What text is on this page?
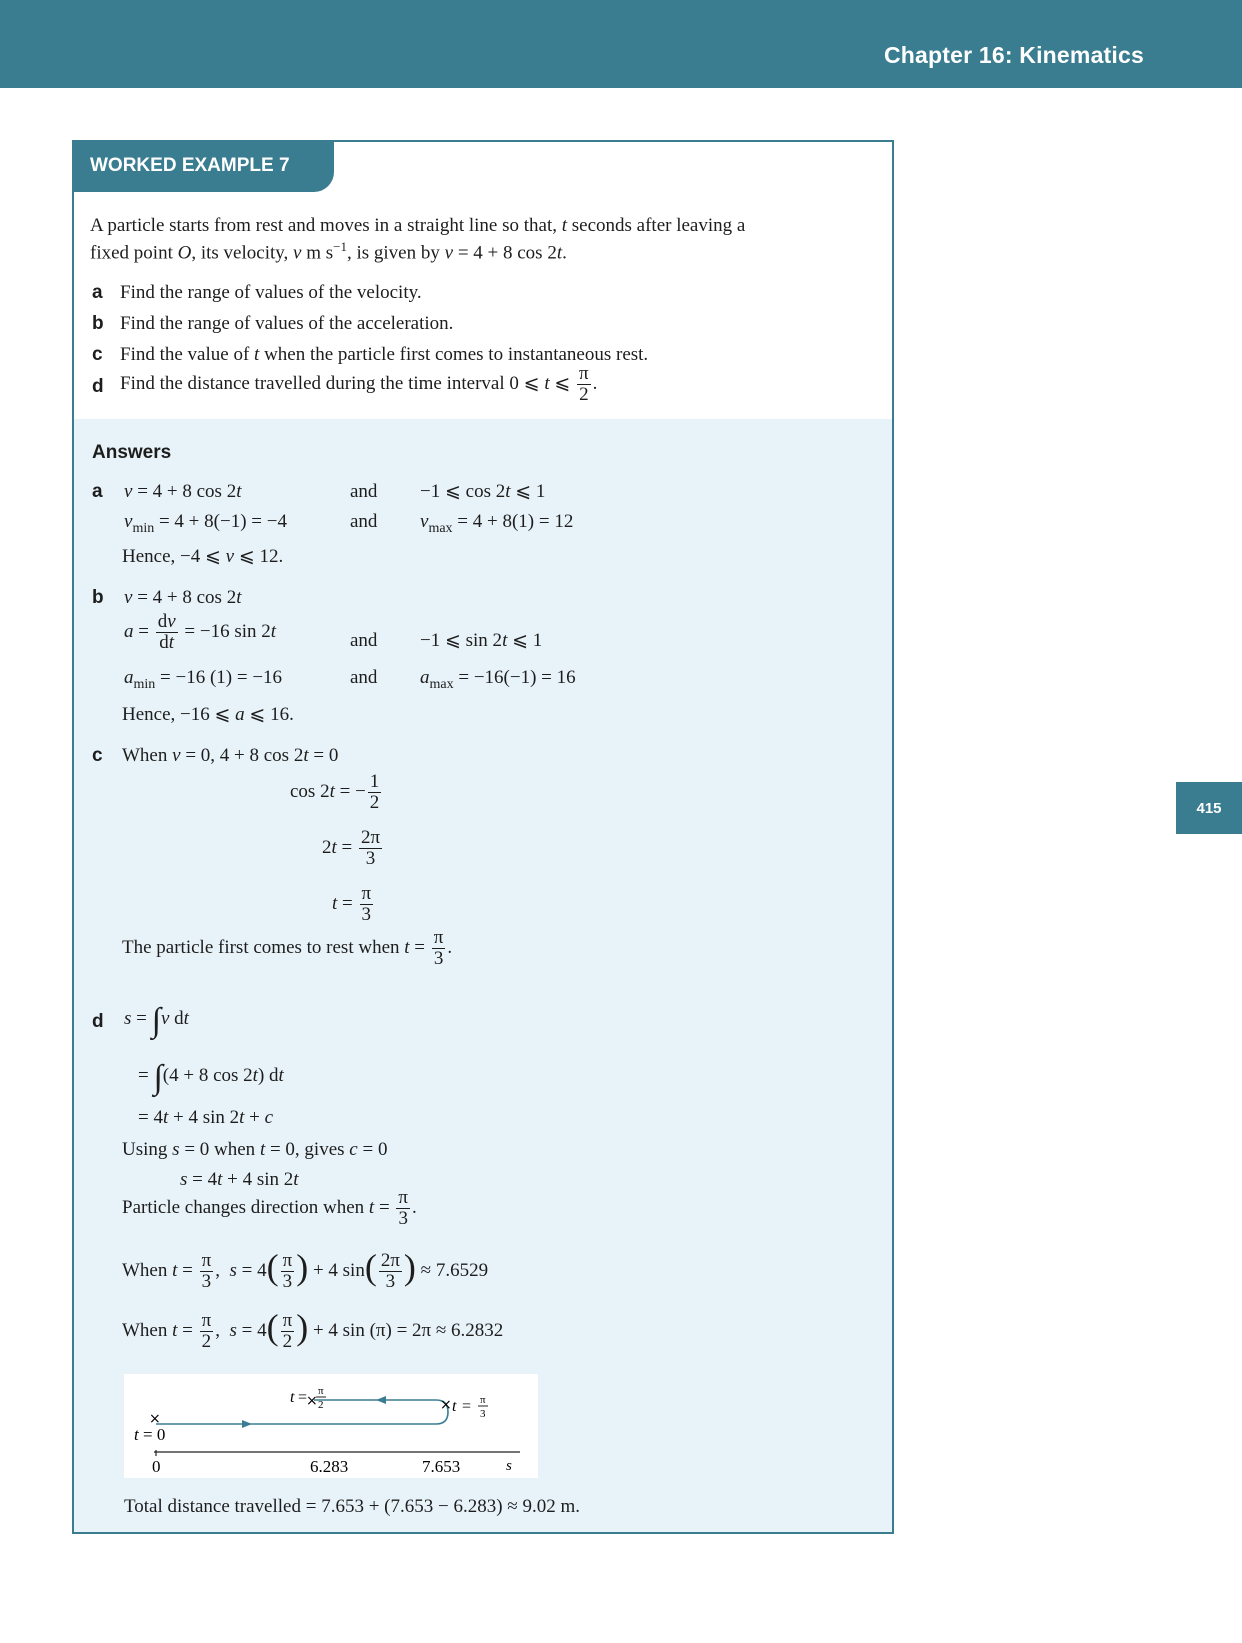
Chapter 16: Kinematics
415
WORKED EXAMPLE 7
A particle starts from rest and moves in a straight line so that, t seconds after leaving a
fixed point O, its velocity, v m $s^{-1}$, is given by v = 4 + 8 cos 2t.
a Find the range of values of the velocity.
b Find the range of values of the acceleration.
c Find the value of t when the particle first comes to instantaneous rest.
d Find the distance travelled during the time interval 0 ⩽ t ⩽ $\frac{\pi}{2}$ .
Answers
a v = 4 + 8 cos 2t	and −1 ⩽ cos 2t ⩽ 1
$v_{min} = 4 + 8(-1) = -4$	and $v_{max} = 4 + 8(1) = 12$
Hence, −4 ⩽ v ⩽ 12.
b v = 4 + 8 cos 2t
$a = \frac{dv}{dt} = -16$ sin 2t	and −1 ⩽ sin 2t ⩽ 1
$a_{min} = -16$ (1) = −16	and $a_{max} = -16(-1) = 16$
Hence, −16 ⩽ a ⩽ 16.
c When v = 0, 4 + 8 cos 2t = 0
cos 2t = − $\frac{1}{2}$
$2t = \frac{2\pi}{3}$
$t = \frac{\pi}{3}$
The particle first comes to rest when $t = \frac{\pi}{3}$ .
d s = ∫v dt
= ∫(4 + 8 cos 2t) dt
= 4t + 4 sin 2t + c
Using s = 0 when t = 0, gives c = 0
s = 4t + 4 sin 2t
Particle changes direction when $t = \frac{\pi}{3}$ .
When $t = \frac{\pi}{3}$ ,  $s = 4( \frac{\pi}{3}$ ) + 4 $\sin( \frac{2\pi}{3}$ ) ≈ 7.6529
When $t = \frac{\pi}{2}$ ,  $s = 4( \frac{\pi}{2}$ ) + 4 sin (π) = 2π ≈ 6.2832
0	6.283	7.653	s
t = 0
×
×	×
t = π
2	t = π
3
Total distance travelled = 7.653 + (7.653 − 6.283) ≈ 9.02 m.
